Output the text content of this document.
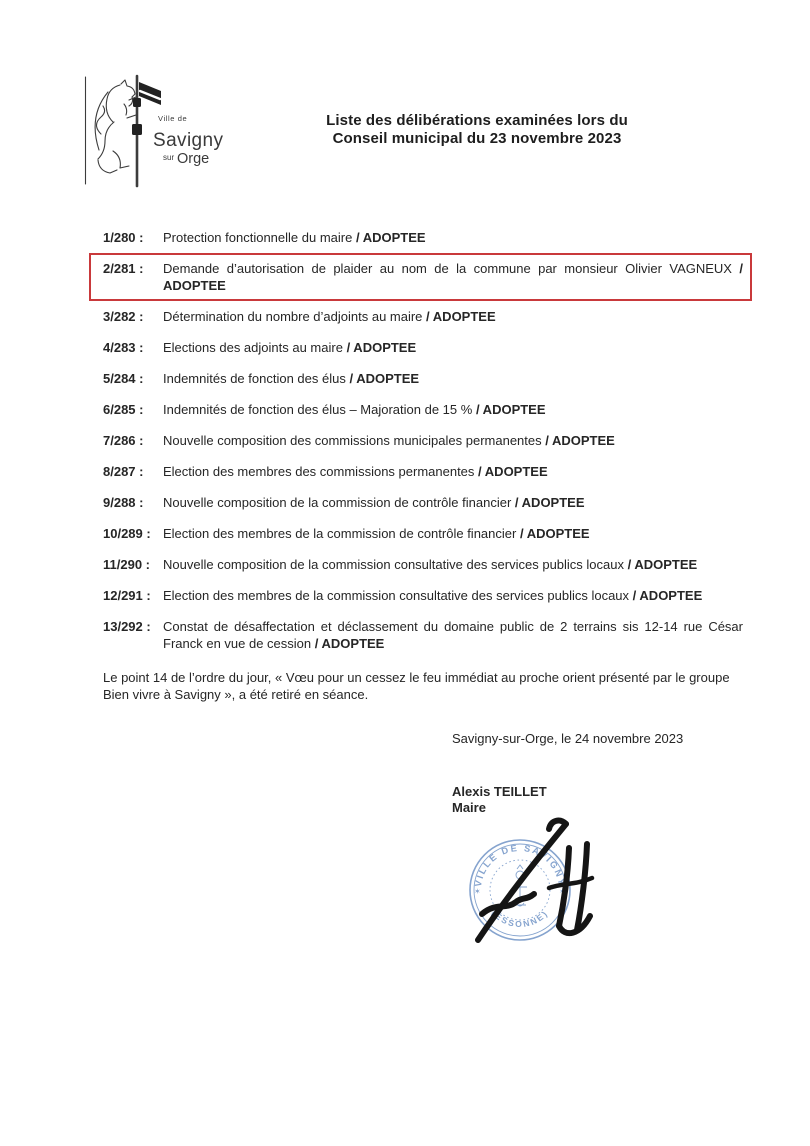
Ville de
Savigny
sur Orge
Liste des délibérations examinées lors du
Conseil municipal du 23 novembre 2023
1/280 :	Protection fonctionnelle du maire / ADOPTEE
2/281 :	Demande d’autorisation de plaider au nom de la commune par monsieur Olivier VAGNEUX / ADOPTEE
3/282 :	Détermination du nombre d’adjoints au maire / ADOPTEE
4/283 :	Elections des adjoints au maire / ADOPTEE
5/284 :	Indemnités de fonction des élus / ADOPTEE
6/285 :	Indemnités de fonction des élus – Majoration de 15 % / ADOPTEE
7/286 :	Nouvelle composition des commissions municipales permanentes / ADOPTEE
8/287 :	Election des membres des commissions permanentes / ADOPTEE
9/288 :	Nouvelle composition de la commission de contrôle financier / ADOPTEE
10/289 : Election des membres de la commission de contrôle financier / ADOPTEE
11/290 :	Nouvelle composition de la commission consultative des services publics locaux / ADOPTEE
12/291 : Election des membres de la commission consultative des services publics locaux / ADOPTEE
13/292 : Constat de désaffectation et déclassement du domaine public de 2 terrains sis 12-14 rue César Franck en vue de cession / ADOPTEE
Le point 14 de l’ordre du jour, « Vœu pour un cessez le feu immédiat au proche orient présenté par le groupe Bien vivre à Savigny », a été retiré en séance.
Savigny-sur-Orge, le 24 novembre 2023
Alexis TEILLET
Maire
VILLE DE SAVIGNY
(ESSONNE)
✶	✶
